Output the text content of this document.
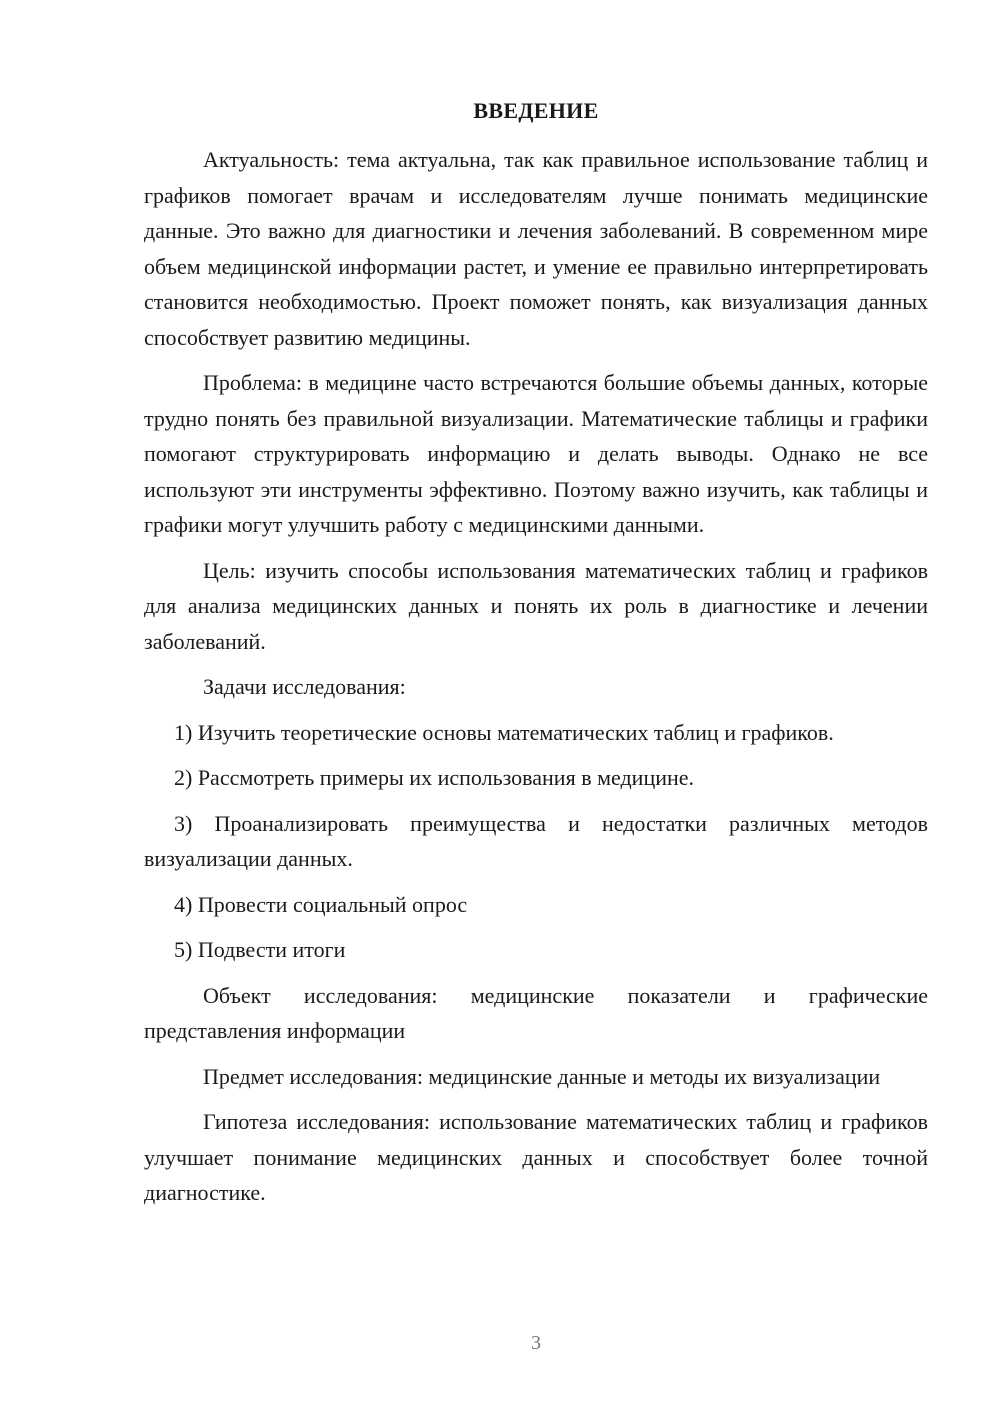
ВВЕДЕНИЕ

Актуальность: тема актуальна, так как правильное использование таблиц и графиков помогает врачам и исследователям лучше понимать медицинские данные. Это важно для диагностики и лечения заболеваний. В современном мире объем медицинской информации растет, и умение ее правильно интерпретировать становится необходимостью. Проект поможет понять, как визуализация данных способствует развитию медицины.

Проблема: в медицине часто встречаются большие объемы данных, которые трудно понять без правильной визуализации. Математические таблицы и графики помогают структурировать информацию и делать выводы. Однако не все используют эти инструменты эффективно. Поэтому важно изучить, как таблицы и графики могут улучшить работу с медицинскими данными.

Цель: изучить способы использования математических таблиц и графиков для анализа медицинских данных и понять их роль в диагностике и лечении заболеваний.

Задачи исследования:

1) Изучить теоретические основы математических таблиц и графиков.

2) Рассмотреть примеры их использования в медицине.

3) Проанализировать преимущества и недостатки различных методов визуализации данных.

4) Провести социальный опрос

5) Подвести итоги

Объект исследования: медицинские показатели и графические представления информации

Предмет исследования: медицинские данные и методы их визуализации

Гипотеза исследования: использование математических таблиц и графиков улучшает понимание медицинских данных и способствует более точной диагностике.

3
